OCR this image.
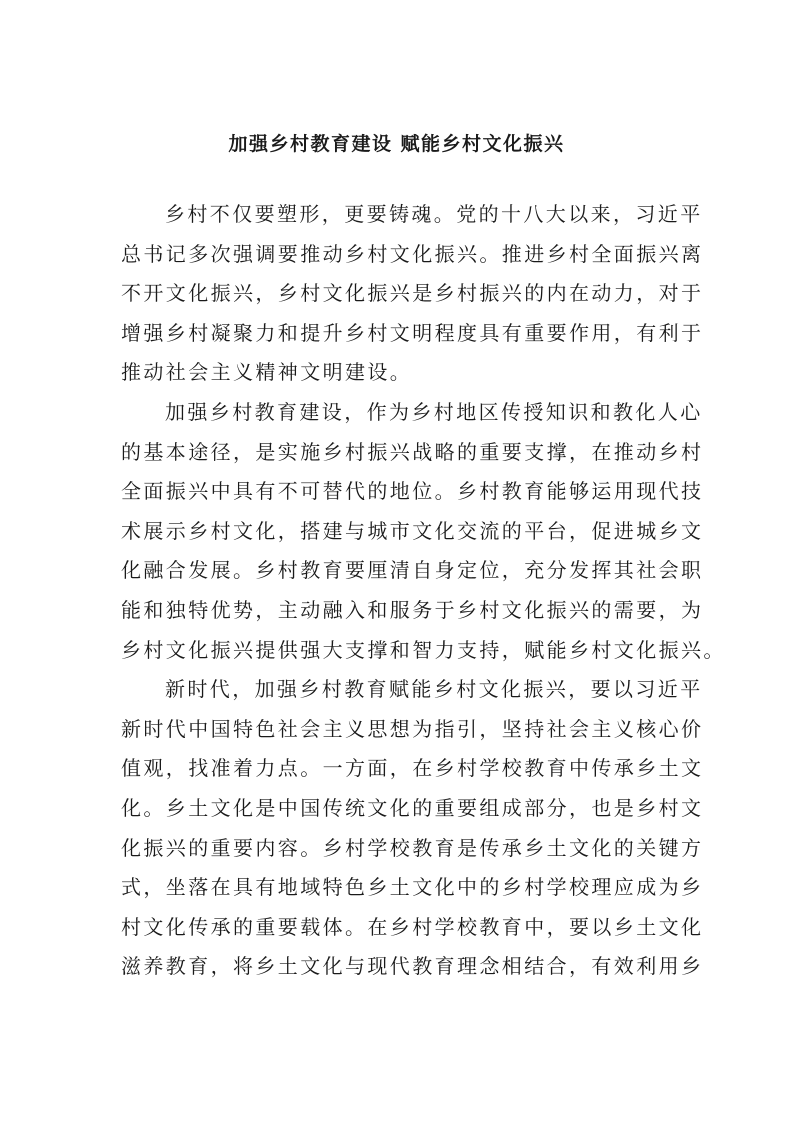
加强乡村教育建设 赋能乡村文化振兴
乡村不仅要塑形，更要铸魂。党的十八大以来，习近平
总书记多次强调要推动乡村文化振兴。推进乡村全面振兴离
不开文化振兴，乡村文化振兴是乡村振兴的内在动力，对于
增强乡村凝聚力和提升乡村文明程度具有重要作用，有利于
推动社会主义精神文明建设。
加强乡村教育建设，作为乡村地区传授知识和教化人心
的基本途径，是实施乡村振兴战略的重要支撑，在推动乡村
全面振兴中具有不可替代的地位。乡村教育能够运用现代技
术展示乡村文化，搭建与城市文化交流的平台，促进城乡文
化融合发展。乡村教育要厘清自身定位，充分发挥其社会职
能和独特优势，主动融入和服务于乡村文化振兴的需要，为
乡村文化振兴提供强大支撑和智力支持，赋能乡村文化振兴。
新时代，加强乡村教育赋能乡村文化振兴，要以习近平
新时代中国特色社会主义思想为指引，坚持社会主义核心价
值观，找准着力点。一方面，在乡村学校教育中传承乡土文
化。乡土文化是中国传统文化的重要组成部分，也是乡村文
化振兴的重要内容。乡村学校教育是传承乡土文化的关键方
式，坐落在具有地域特色乡土文化中的乡村学校理应成为乡
村文化传承的重要载体。在乡村学校教育中，要以乡土文化
滋养教育，将乡土文化与现代教育理念相结合，有效利用乡
